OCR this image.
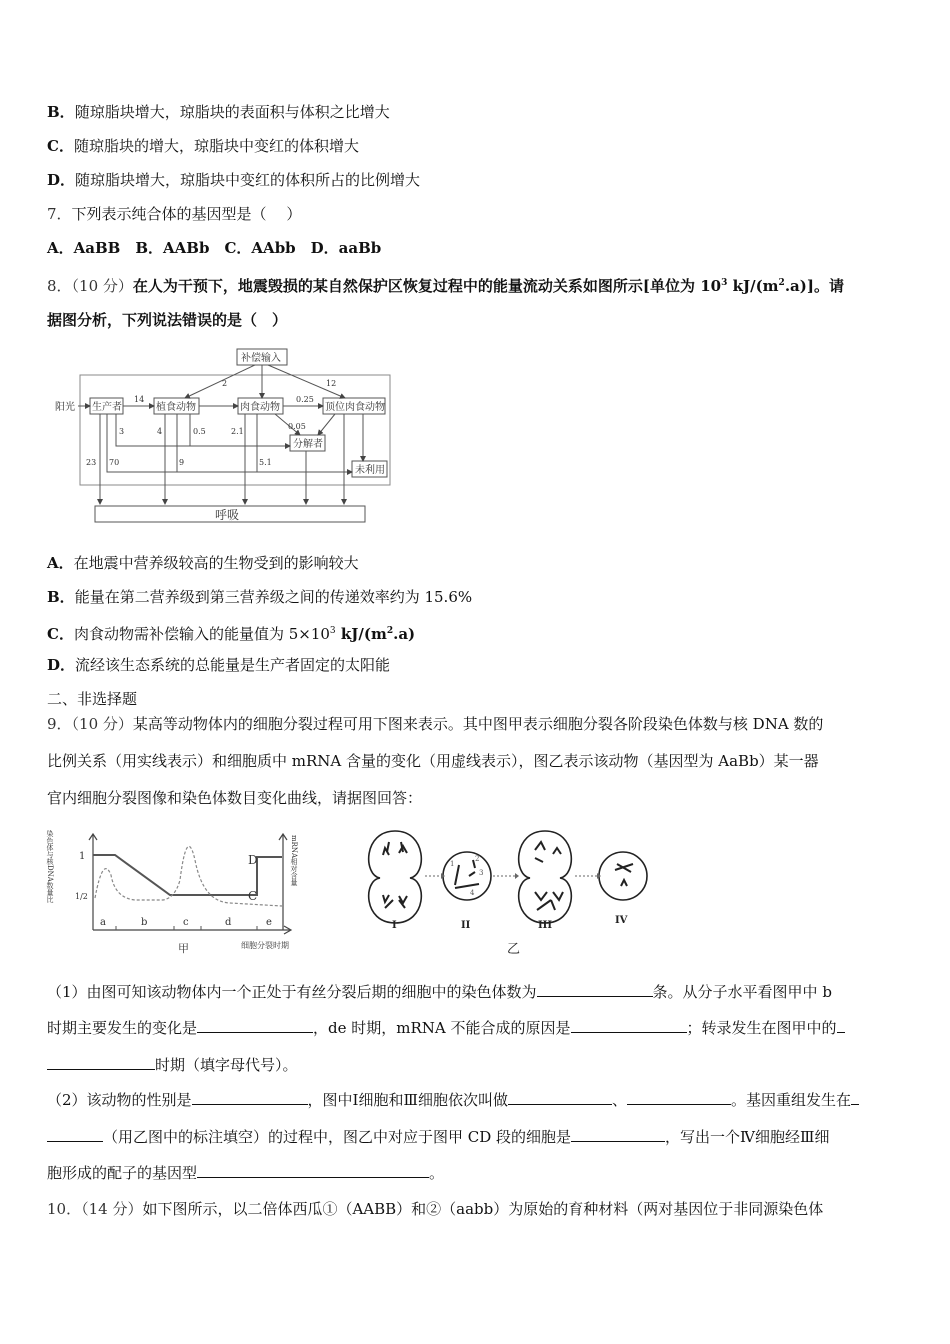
B．随琼脂块增大，琼脂块的表面积与体积之比增大
C．随琼脂块的增大，琼脂块中变红的体积增大
D．随琼脂块增大，琼脂块中变红的体积所占的比例增大
7．下列表示纯合体的基因型是（　 ）
A．AaBB　B．AABb　C．AAbb　D．aaBb
8．（10 分）在人为干预下，地震毁损的某自然保护区恢复过程中的能量流动关系如图所示[单位为 $10^3$ $kJ/(m^2.a)$]。请
据图分析，下列说法错误的是（　）
补偿输入
阳光 生产者	植食动物	肉食动物	顶位肉食动物
分解者
未利用
呼吸
14
2	12
0.25
3	4	0.5	2.1
0.05
23 70	9	5.1
A．在地震中营养级较高的生物受到的影响较大
B．能量在第二营养级到第三营养级之间的传递效率约为 15.6%
C．肉食动物需补偿输入的能量值为 $5\times 10^3$ $kJ/(m^2.a)$
D．流经该生态系统的总能量是生产者固定的太阳能
二、非选择题
9．（10 分）某高等动物体内的细胞分裂过程可用下图来表示。其中图甲表示细胞分裂各阶段染色体数与核 DNA 数的
比例关系（用实线表示）和细胞质中 mRNA 含量的变化（用虚线表示），图乙表示该动物（基因型为 AaBb）某一器
官内细胞分裂图像和染色体数目变化曲线，请据图回答：
1
1/2
a	b	c	d	e
D
C
甲	细胞分裂时期
染色体与核DNA数量比	mRNA相对含量	1
2
3
4
I	II	III	IV
乙
（1）由图可知该动物体内一个正处于有丝分裂后期的细胞中的染色体数为	条。从分子水平看图甲中 b
时期主要发生的变化是	，de 时期，mRNA 不能合成的原因是	；转录发生在图甲中的
时期（填字母代号）。
（2）该动物的性别是	，图中Ⅰ细胞和Ⅲ细胞依次叫做	、	。基因重组发生在
（用乙图中的标注填空）的过程中，图乙中对应于图甲 CD 段的细胞是	，写出一个Ⅳ细胞经Ⅲ细
胞形成的配子的基因型	。
10．（14 分）如下图所示，以二倍体西瓜①（AABB）和②（aabb）为原始的育种材料（两对基因位于非同源染色体
